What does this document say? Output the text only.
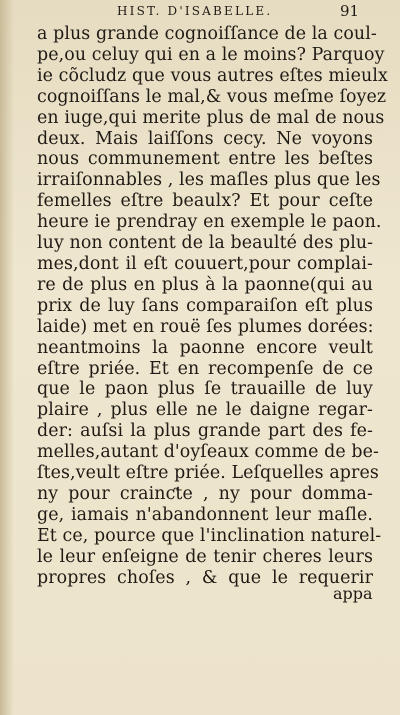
HIST. D'ISABELLE.	91
a plus grande cognoiſſance de la coul-
pe,ou celuy qui en a le moins? Parquoy
ie cõcludz que vous autres eſtes mieulx
cognoiſſans le mal,& vous meſme ſoyez
en iuge,qui merite plus de mal de nous
deux. Mais laiſſons cecy. Ne voyons
nous communement entre les beſtes
irraiſonnables , les maſles plus que les
femelles eſtre beaulx? Et pour ceſte
heure ie prendray en exemple le paon.
luy non content de la beaulté des plu-
mes,dont il eſt couuert,pour complai-
re de plus en plus à la paonne(qui au
prix de luy ſans comparaiſon eſt plus
laide) met en rouë ſes plumes dorées:
neantmoins la paonne encore veult
eſtre priée. Et en recompenſe de ce
que le paon plus ſe trauaille de luy
plaire , plus elle ne le daigne regar-
der: auſsi la plus grande part des fe-
melles,autant d'oyſeaux comme de be-
ſtes,veult eſtre priée. Leſquelles apres
ny pour crainƈte , ny pour domma-
ge, iamais n'abandonnent leur maſle.
Et ce, pource que l'inclination naturel-
le leur enſeigne de tenir cheres leurs
propres choſes , & que le requerir
appa
